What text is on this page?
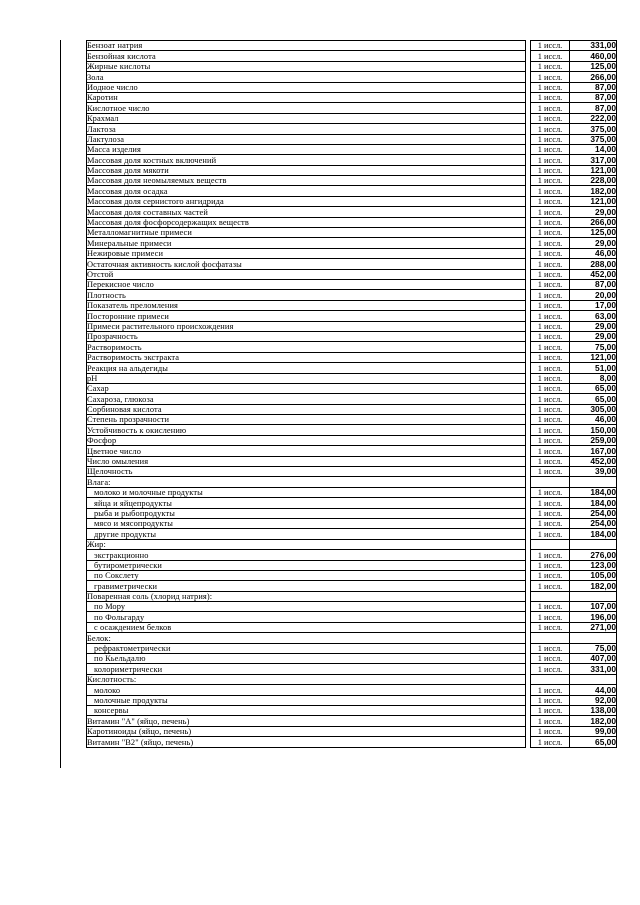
Бензоат натрия		1 иссл.	331,00
Бензойная кислота		1 иссл.	460,00
Жирные кислоты		1 иссл.	125,00
Зола		1 иссл.	266,00
Иодное число		1 иссл.	87,00
Каротин		1 иссл.	87,00
Кислотное число		1 иссл.	87,00
Крахмал		1 иссл.	222,00
Лактоза		1 иссл.	375,00
Лактулоза		1 иссл.	375,00
Масса изделия		1 иссл.	14,00
Массовая доля костных включений		1 иссл.	317,00
Массовая доля мякоти		1 иссл.	121,00
Массовая доля неомыляемых веществ		1 иссл.	228,00
Массовая доля осадка		1 иссл.	182,00
Массовая доля сернистого ангидрида		1 иссл.	121,00
Массовая доля составных частей		1 иссл.	29,00
Массовая доля фосфорсодержащих веществ		1 иссл.	266,00
Металломагнитные примеси		1 иссл.	125,00
Минеральные примеси		1 иссл.	29,00
Нежировые примеси		1 иссл.	46,00
Остаточная активность кислой фосфатазы		1 иссл.	288,00
Отстой		1 иссл.	452,00
Перекисное число		1 иссл.	87,00
Плотность		1 иссл.	20,00
Показатель преломления		1 иссл.	17,00
Посторонние примеси		1 иссл.	63,00
Примеси растительного происхождения		1 иссл.	29,00
Прозрачность		1 иссл.	29,00
Растворимость		1 иссл.	75,00
Растворимость экстракта		1 иссл.	121,00
Реакция на альдегиды		1 иссл.	51,00
pH		1 иссл.	8,00
Сахар		1 иссл.	65,00
Сахароза, глюкоза		1 иссл.	65,00
Сорбиновая кислота		1 иссл.	305,00
Степень прозрачности		1 иссл.	46,00
Устойчивость к окислению		1 иссл.	150,00
Фосфор		1 иссл.	259,00
Цветное число		1 иссл.	167,00
Число омыления		1 иссл.	452,00
Щелочность		1 иссл.	39,00
Влага:			
молоко и молочные продукты		1 иссл.	184,00
яйца и яйцепродукты		1 иссл.	184,00
рыба и рыбопродукты		1 иссл.	254,00
мясо и мясопродукты		1 иссл.	254,00
другие продукты		1 иссл.	184,00
Жир:			
экстракционно		1 иссл.	276,00
бутирометрически		1 иссл.	123,00
по Сокслету		1 иссл.	105,00
гравиметрически		1 иссл.	182,00
Поваренная соль (хлорид натрия):			
по Мору		1 иссл.	107,00
по Фольгарду		1 иссл.	196,00
с осаждением белков		1 иссл.	271,00
Белок:			
рефрактометрически		1 иссл.	75,00
по Кьельдалю		1 иссл.	407,00
колориметрически		1 иссл.	331,00
Кислотность:			
молоко		1 иссл.	44,00
молочные продукты		1 иссл.	92,00
консервы		1 иссл.	138,00
Витамин "А" (яйцо, печень)		1 иссл.	182,00
Каротиноиды (яйцо, печень)		1 иссл.	99,00
Витамин "В2" (яйцо, печень)		1 иссл.	65,00
